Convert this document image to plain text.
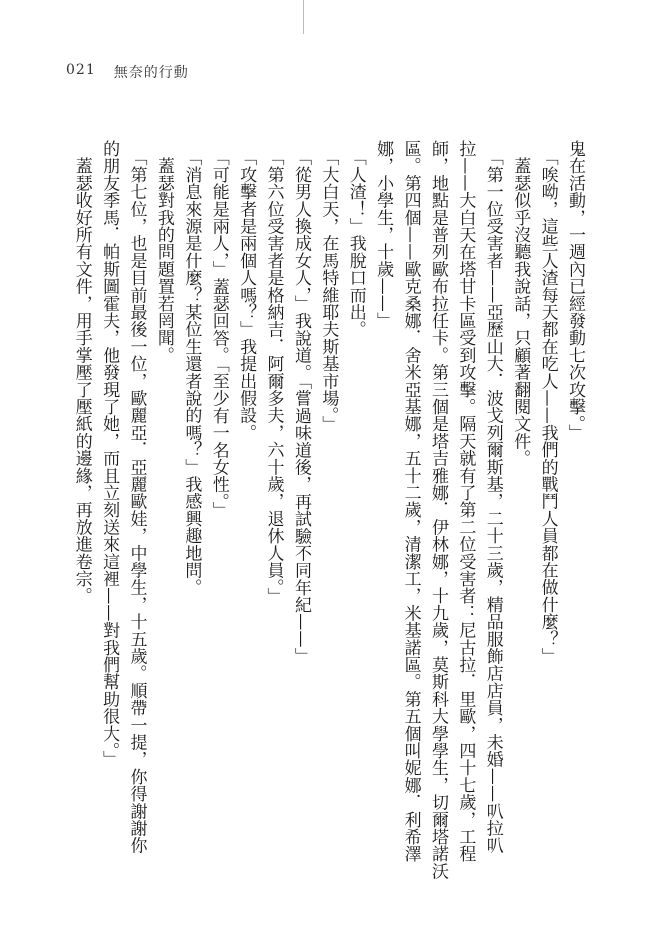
021 無奈的行動
鬼在活動，一週內已經發動七次攻擊。」
　「唉呦，這些人渣每天都在吃人——我們的戰鬥人員都在做什麼？」
　蓋瑟似乎沒聽我說話，只顧著翻閱文件。
　「第一位受害者——亞歷山大．波戈列爾斯基，二十三歲，精品服飾店店員，未婚——叭拉叭
拉——大白天在塔甘卡區受到攻擊。隔天就有了第二位受害者：尼古拉．里歐，四十七歲，工程
師，地點是普列歐布拉任卡。第三個是塔吉雅娜．伊林娜，十九歲，莫斯科大學學生，切爾塔諾沃
區。第四個——歐克桑娜．舍米亞基娜，五十二歲，清潔工，米基諾區。第五個叫妮娜．利希澤
娜，小學生，十歲——」
　「人渣！」我脫口而出。
　「大白天，在馬特維耶夫斯基市場。」
　「從男人換成女人，」我說道。「嘗過味道後，再試驗不同年紀——」
　「第六位受害者是格納吉．阿爾多夫，六十歲，退休人員。」
　「攻擊者是兩個人嗎？」我提出假設。
　「可能是兩人，」蓋瑟回答。「至少有一名女性。」
　「消息來源是什麼？某位生還者說的嗎？」我感興趣地問。
　蓋瑟對我的問題置若罔聞。
　「第七位，也是目前最後一位，歐麗亞．亞麗歐娃，中學生，十五歲。順帶一提，你得謝謝你
的朋友季馬．帕斯圖霍夫，他發現了她，而且立刻送來這裡——對我們幫助很大。」
　蓋瑟收好所有文件，用手掌壓了壓紙的邊緣，再放進卷宗。
